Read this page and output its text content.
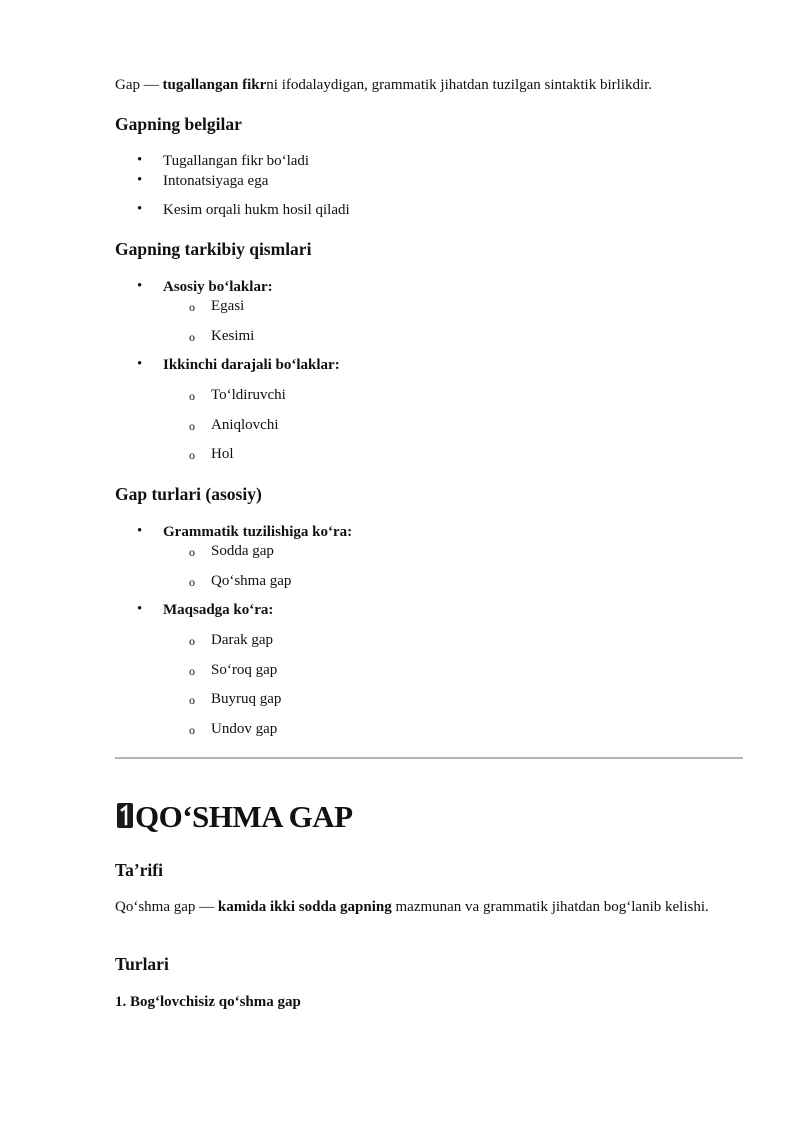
Gap — tugallangan fikrni ifodalaydigan, grammatik jihatdan tuzilgan sintaktik birlikdir.
Gapning belgilar
• Tugallangan fikr bo‘ladi
• Intonatsiyaga ega
• Kesim orqali hukm hosil qiladi
Gapning tarkibiy qismlari
• Asosiy bo‘laklar:
o Egasi
o Kesimi
• Ikkinchi darajali bo‘laklar:
o To‘ldiruvchi
o Aniqlovchi
o Hol
Gap turlari (asosiy)
• Grammatik tuzilishiga ko‘ra:
o Sodda gap
o Qo‘shma gap
• Maqsadga ko‘ra:
o Darak gap
o So‘roq gap
o Buyruq gap
o Undov gap
QO‘SHMA GAP
Ta’rifi
Qo‘shma gap — kamida ikki sodda gapning mazmunan va grammatik jihatdan bog‘lanib kelishi.
Turlari
1. Bog‘lovchisiz qo‘shma gap
